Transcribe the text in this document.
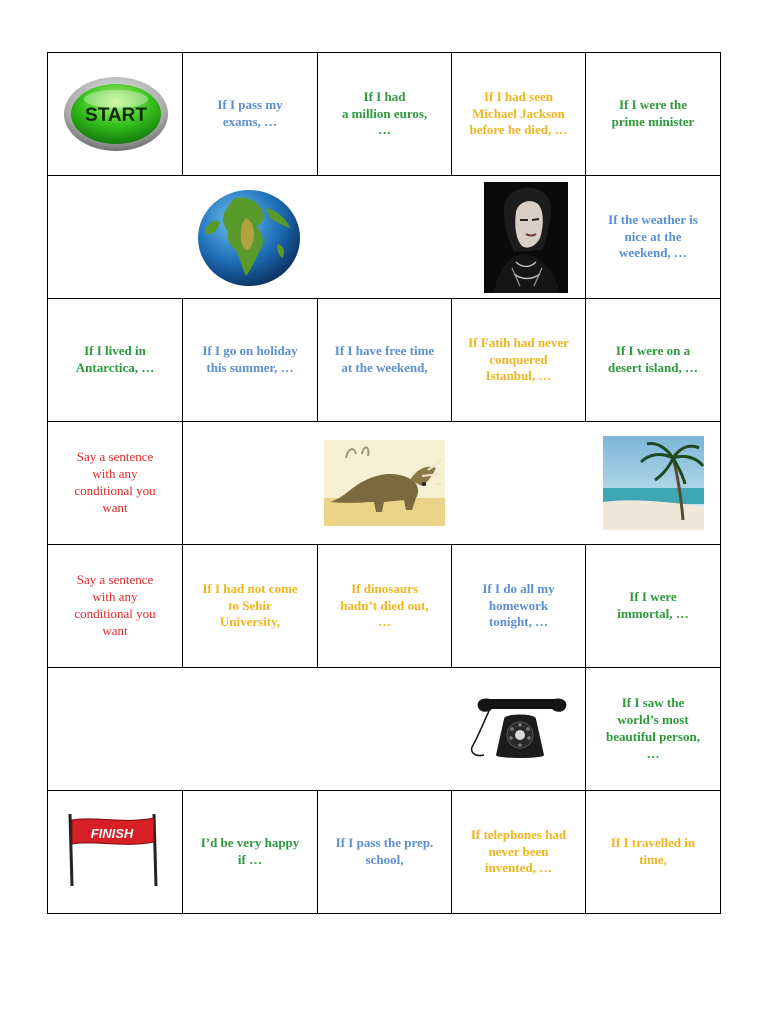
START
If I pass my
exams, …
If I had
a million euros,
…
If I had seen
Michael Jackson
before he died, …
If I were the
prime minister
If the weather is
nice at the
weekend, …
If I lived in
Antarctica, …
If I go on holiday
this summer, …
If I have free time
at the weekend,
If Fatih had never
conquered
Istanbul, …
If I were on a
desert island, …
Say a sentence
with any
conditional you
want
Say a sentence
with any
conditional you
want
If I had not come
to Sehir
University,
If dinosaurs
hadn’t died out,
…
If I do all my
homework
tonight, …
If I were
immortal, …
If I saw the
world’s most
beautiful person,
…
FINISH
I’d be very happy
if …
If I pass the prep.
school,
If telephones had
never been
invented, …
If I travelled in
time,
